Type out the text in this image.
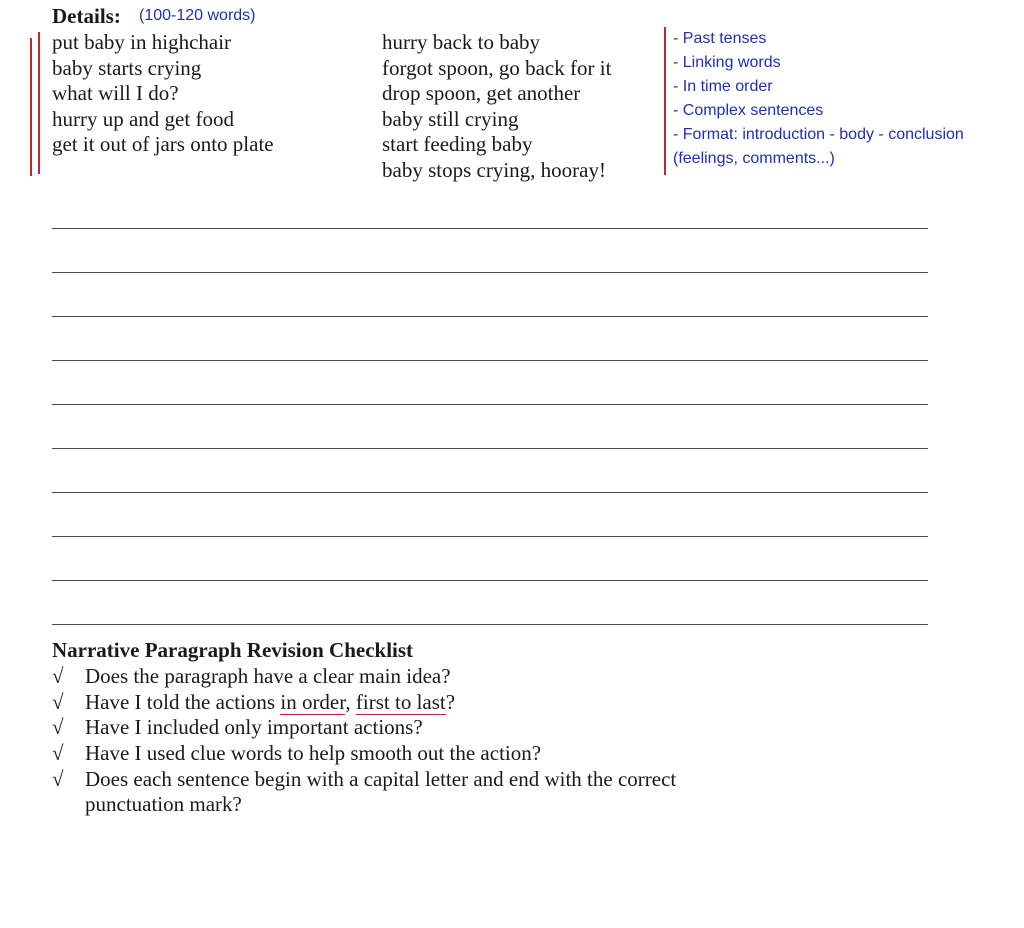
Details: (100-120 words)
put baby in highchair
baby starts crying
what will I do?
hurry up and get food
get it out of jars onto plate
hurry back to baby
forgot spoon, go back for it
drop spoon, get another
baby still crying
start feeding baby
baby stops crying, hooray!
- Past tenses
- Linking words
- In time order
- Complex sentences
- Format: introduction - body - conclusion
(feelings, comments...)
Narrative Paragraph Revision Checklist
√ Does the paragraph have a clear main idea?
√ Have I told the actions in order, first to last?
√ Have I included only important actions?
√ Have I used clue words to help smooth out the action?
√ Does each sentence begin with a capital letter and end with the correct
punctuation mark?
